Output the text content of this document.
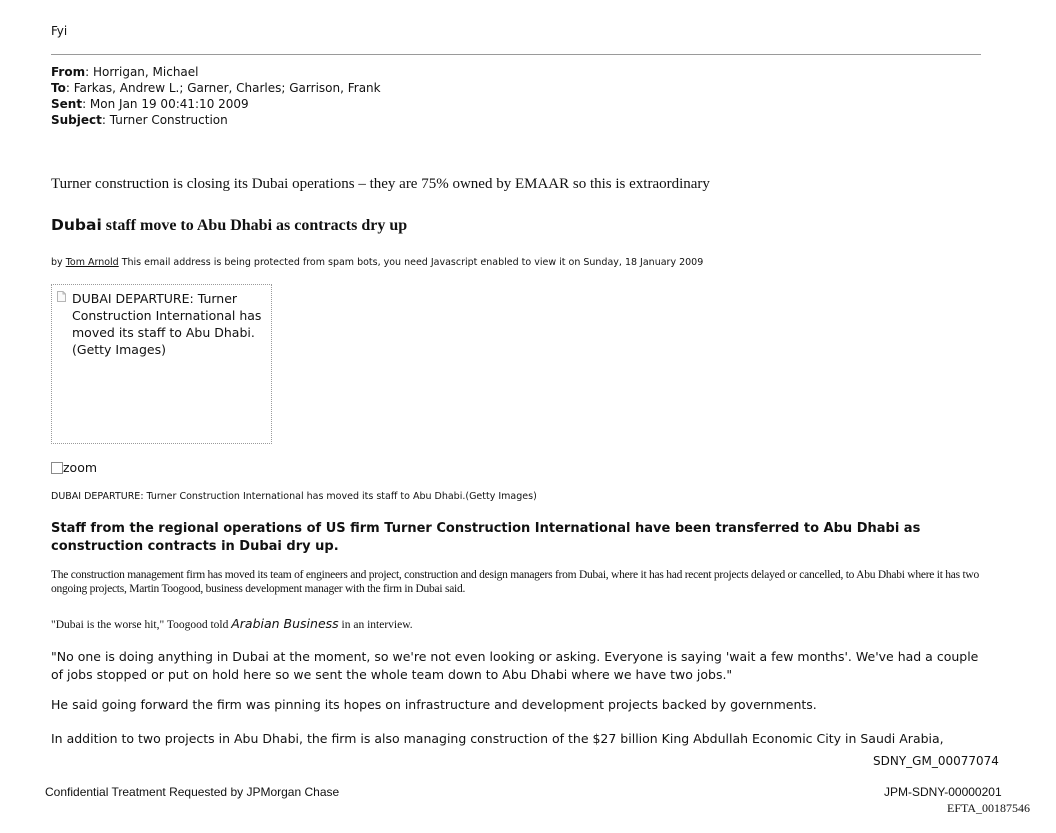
Fyi
From: Horrigan, Michael
To: Farkas, Andrew L.; Garner, Charles; Garrison, Frank
Sent: Mon Jan 19 00:41:10 2009
Subject: Turner Construction
Turner construction is closing its Dubai operations – they are 75% owned by EMAAR so this is extraordinary
Dubai staff move to Abu Dhabi as contracts dry up
by Tom Arnold This email address is being protected from spam bots, you need Javascript enabled to view it on Sunday, 18 January 2009
DUBAI DEPARTURE: Turner Construction International has moved its staff to Abu Dhabi.(Getty Images)
zoom
DUBAI DEPARTURE: Turner Construction International has moved its staff to Abu Dhabi.(Getty Images)
Staff from the regional operations of US firm Turner Construction International have been transferred to Abu Dhabi as construction contracts in Dubai dry up.
The construction management firm has moved its team of engineers and project, construction and design managers from Dubai, where it has had recent projects delayed or cancelled, to Abu Dhabi where it has two ongoing projects, Martin Toogood, business development manager with the firm in Dubai said.
"Dubai is the worse hit," Toogood told Arabian Business in an interview.
"No one is doing anything in Dubai at the moment, so we're not even looking or asking. Everyone is saying 'wait a few months'. We've had a couple of jobs stopped or put on hold here so we sent the whole team down to Abu Dhabi where we have two jobs."
He said going forward the firm was pinning its hopes on infrastructure and development projects backed by governments.
In addition to two projects in Abu Dhabi, the firm is also managing construction of the $27 billion King Abdullah Economic City in Saudi Arabia,
SDNY_GM_00077074
Confidential Treatment Requested by JPMorgan Chase	JPM-SDNY-00000201
EFTA_00187546
